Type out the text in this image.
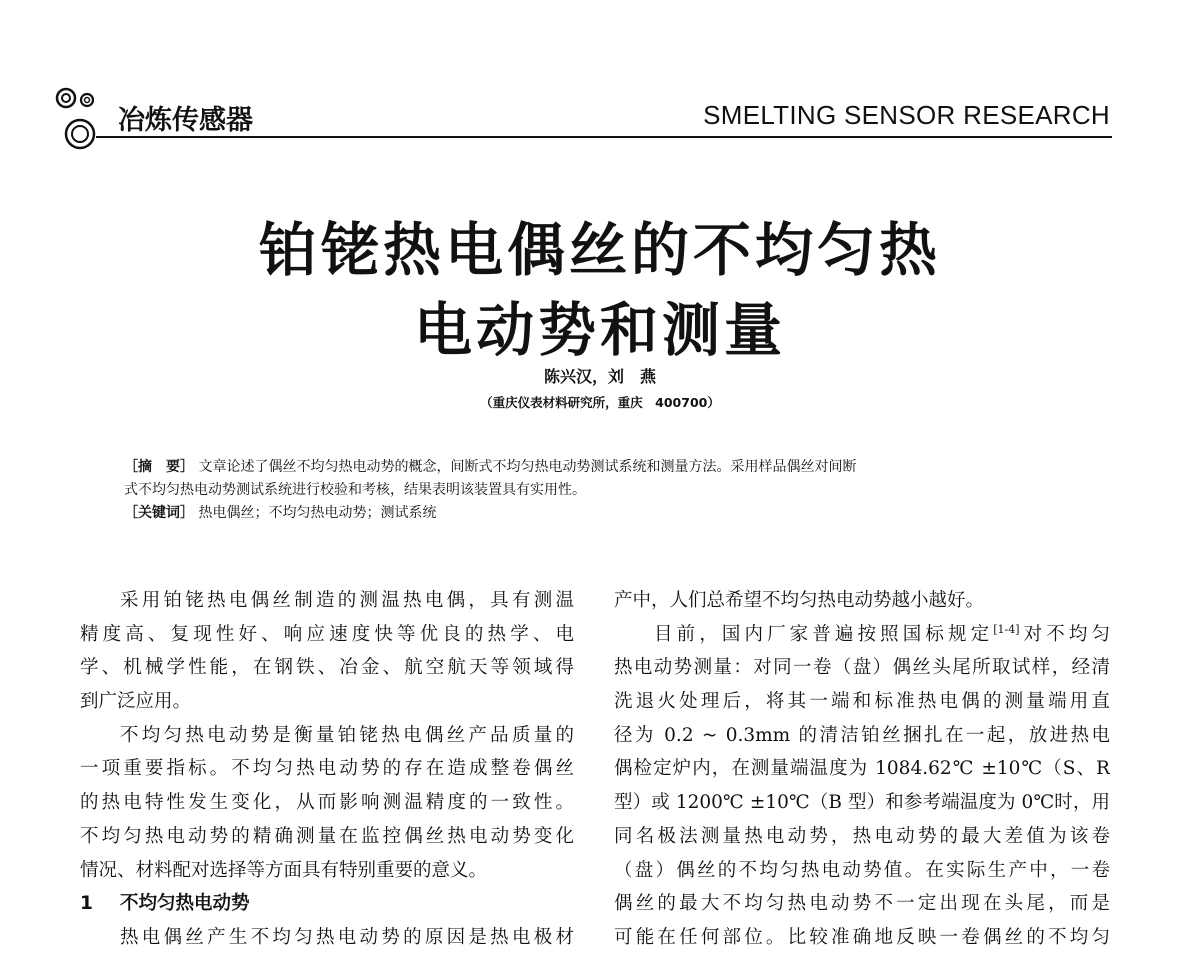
冶炼传感器	SMELTING SENSOR RESEARCH
铂铑热电偶丝的不均匀热
电动势和测量
陈兴汉，刘　燕
（重庆仪表材料研究所，重庆　400700）
［摘　要］ 文章论述了偶丝不均匀热电动势的概念，间断式不均匀热电动势测试系统和测量方法。采用样品偶丝对间断
式不均匀热电动势测试系统进行校验和考核，结果表明该装置具有实用性。
［关键词］ 热电偶丝；不均匀热电动势；测试系统
采用铂铑热电偶丝制造的测温热电偶，具有测温
精度高、复现性好、响应速度快等优良的热学、电
学、机械学性能，在钢铁、冶金、航空航天等领域得
到广泛应用。
不均匀热电动势是衡量铂铑热电偶丝产品质量的
一项重要指标。不均匀热电动势的存在造成整卷偶丝
的热电特性发生变化，从而影响测温精度的一致性。
不均匀热电动势的精确测量在监控偶丝热电动势变化
情况、材料配对选择等方面具有特别重要的意义。
1 不均匀热电动势
热电偶丝产生不均匀热电动势的原因是热电极材
产中，人们总希望不均匀热电动势越小越好。
目前，国内厂家普遍按照国标规定[1-4]对不均匀
热电动势测量：对同一卷（盘）偶丝头尾所取试样，经清
洗退火处理后，将其一端和标准热电偶的测量端用直
径为 0.2 ~ 0.3mm 的清洁铂丝捆扎在一起，放进热电
偶检定炉内，在测量端温度为 1084.62℃ ±10℃（S、R
型）或 1200℃ ±10℃（B 型）和参考端温度为 0℃时，用
同名极法测量热电动势，热电动势的最大差值为该卷
（盘）偶丝的不均匀热电动势值。在实际生产中，一卷
偶丝的最大不均匀热电动势不一定出现在头尾，而是
可能在任何部位。比较准确地反映一卷偶丝的不均匀
